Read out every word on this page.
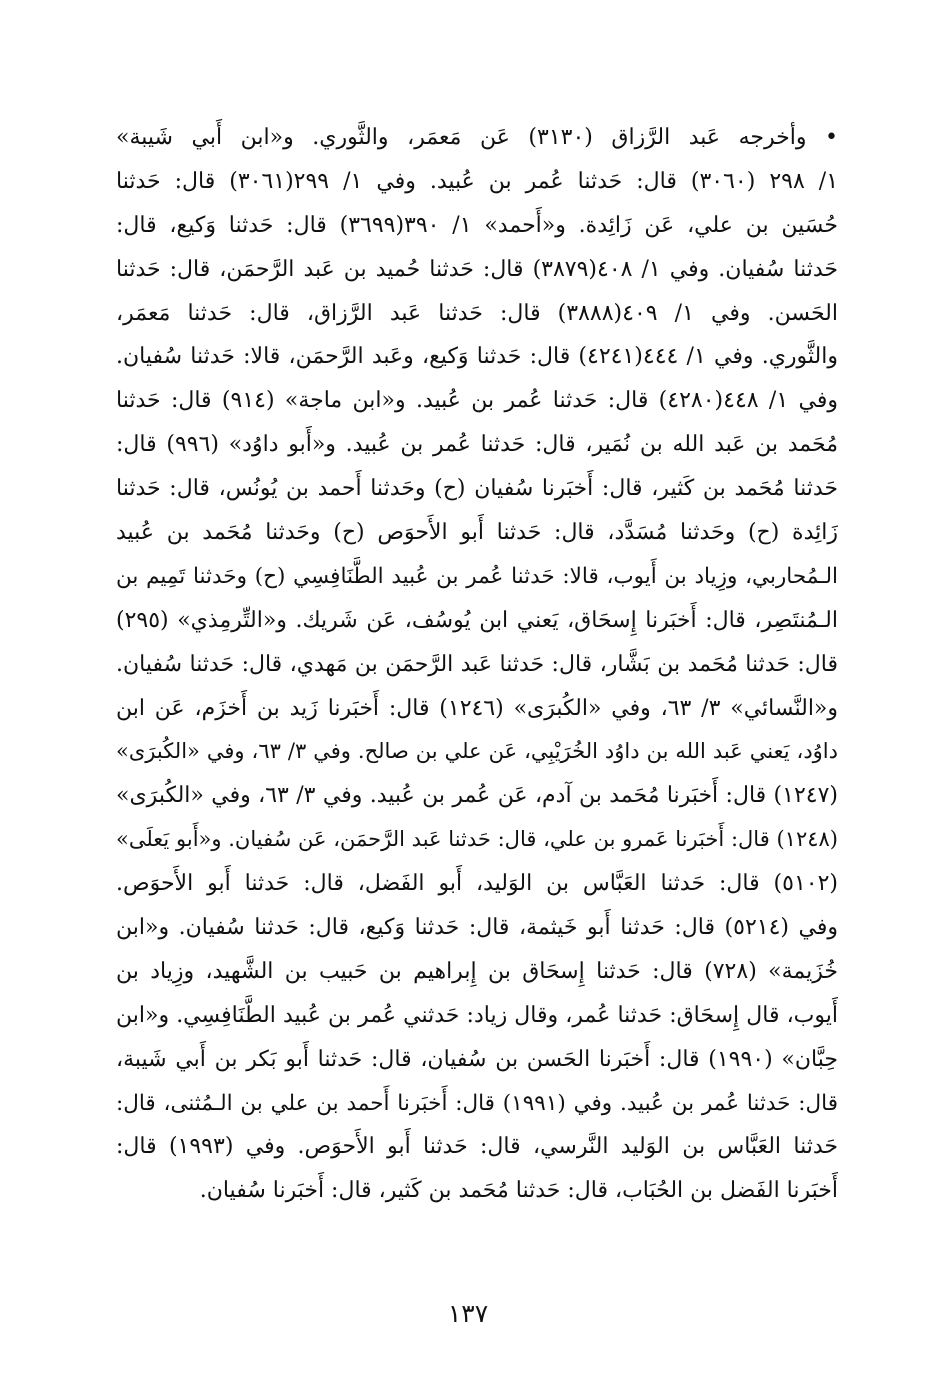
• وأخرجه عَبد الرَّزاق (٣١٣٠) عَن مَعمَر، والثَّوري. و«ابن أَبي شَيبة»
١/ ٢٩٨ (٣٠٦٠) قال: حَدثنا عُمر بن عُبيد. وفي ١/ ٢٩٩(٣٠٦١) قال: حَدثنا
حُسَين بن علي، عَن زَائِدة. و«أَحمد» ١/ ٣٩٠(٣٦٩٩) قال: حَدثنا وَكيع، قال:
حَدثنا سُفيان. وفي ١/ ٤٠٨(٣٨٧٩) قال: حَدثنا حُميد بن عَبد الرَّحمَن، قال: حَدثنا
الحَسن. وفي ١/ ٤٠٩(٣٨٨٨) قال: حَدثنا عَبد الرَّزاق، قال: حَدثنا مَعمَر،
والثَّوري. وفي ١/ ٤٤٤(٤٢٤١) قال: حَدثنا وَكيع، وعَبد الرَّحمَن، قالا: حَدثنا سُفيان.
وفي ١/ ٤٤٨(٤٢٨٠) قال: حَدثنا عُمر بن عُبيد. و«ابن ماجة» (٩١٤) قال: حَدثنا
مُحَمد بن عَبد الله بن نُمَير، قال: حَدثنا عُمر بن عُبيد. و«أَبو داوُد» (٩٩٦) قال:
حَدثنا مُحَمد بن كَثير، قال: أَخبَرنا سُفيان (ح) وحَدثنا أَحمد بن يُونُس، قال: حَدثنا
زَائِدة (ح) وحَدثنا مُسَدَّد، قال: حَدثنا أَبو الأَحوَص (ح) وحَدثنا مُحَمد بن عُبيد
الـمُحاربي، وزِياد بن أَيوب، قالا: حَدثنا عُمر بن عُبيد الطَّنَافِسِي (ح) وحَدثنا تَمِيم بن
الـمُنتَصِر، قال: أَخبَرنا إِسحَاق، يَعني ابن يُوسُف، عَن شَريك. و«التِّرمِذي» (٢٩٥)
قال: حَدثنا مُحَمد بن بَشَّار، قال: حَدثنا عَبد الرَّحمَن بن مَهدي، قال: حَدثنا سُفيان.
و«النَّسائي» ٣/ ٦٣، وفي «الكُبرَى» (١٢٤٦) قال: أَخبَرنا زَيد بن أَخزَم، عَن ابن
داوُد، يَعني عَبد الله بن داوُد الخُرَيْبِي، عَن علي بن صالح. وفي ٣/ ٦٣، وفي «الكُبرَى»
(١٢٤٧) قال: أَخبَرنا مُحَمد بن آدم، عَن عُمر بن عُبيد. وفي ٣/ ٦٣، وفي «الكُبرَى»
(١٢٤٨) قال: أَخبَرنا عَمرو بن علي، قال: حَدثنا عَبد الرَّحمَن، عَن سُفيان. و«أَبو يَعلَى»
(٥١٠٢) قال: حَدثنا العَبَّاس بن الوَليد، أَبو الفَضل، قال: حَدثنا أَبو الأَحوَص.
وفي (٥٢١٤) قال: حَدثنا أَبو خَيثمة، قال: حَدثنا وَكيع، قال: حَدثنا سُفيان. و«ابن
خُزَيمة» (٧٢٨) قال: حَدثنا إِسحَاق بن إِبراهيم بن حَبيب بن الشَّهيد، وزِياد بن
أَيوب، قال إِسحَاق: حَدثنا عُمر، وقال زياد: حَدثني عُمر بن عُبيد الطَّنَافِسِي. و«ابن
حِبَّان» (١٩٩٠) قال: أَخبَرنا الحَسن بن سُفيان، قال: حَدثنا أَبو بَكر بن أَبي شَيبة،
قال: حَدثنا عُمر بن عُبيد. وفي (١٩٩١) قال: أَخبَرنا أَحمد بن علي بن الـمُثنى، قال:
حَدثنا العَبَّاس بن الوَليد النَّرسي، قال: حَدثنا أَبو الأَحوَص. وفي (١٩٩٣) قال:
أَخبَرنا الفَضل بن الحُبَاب، قال: حَدثنا مُحَمد بن كَثير، قال: أَخبَرنا سُفيان.
١٣٧
